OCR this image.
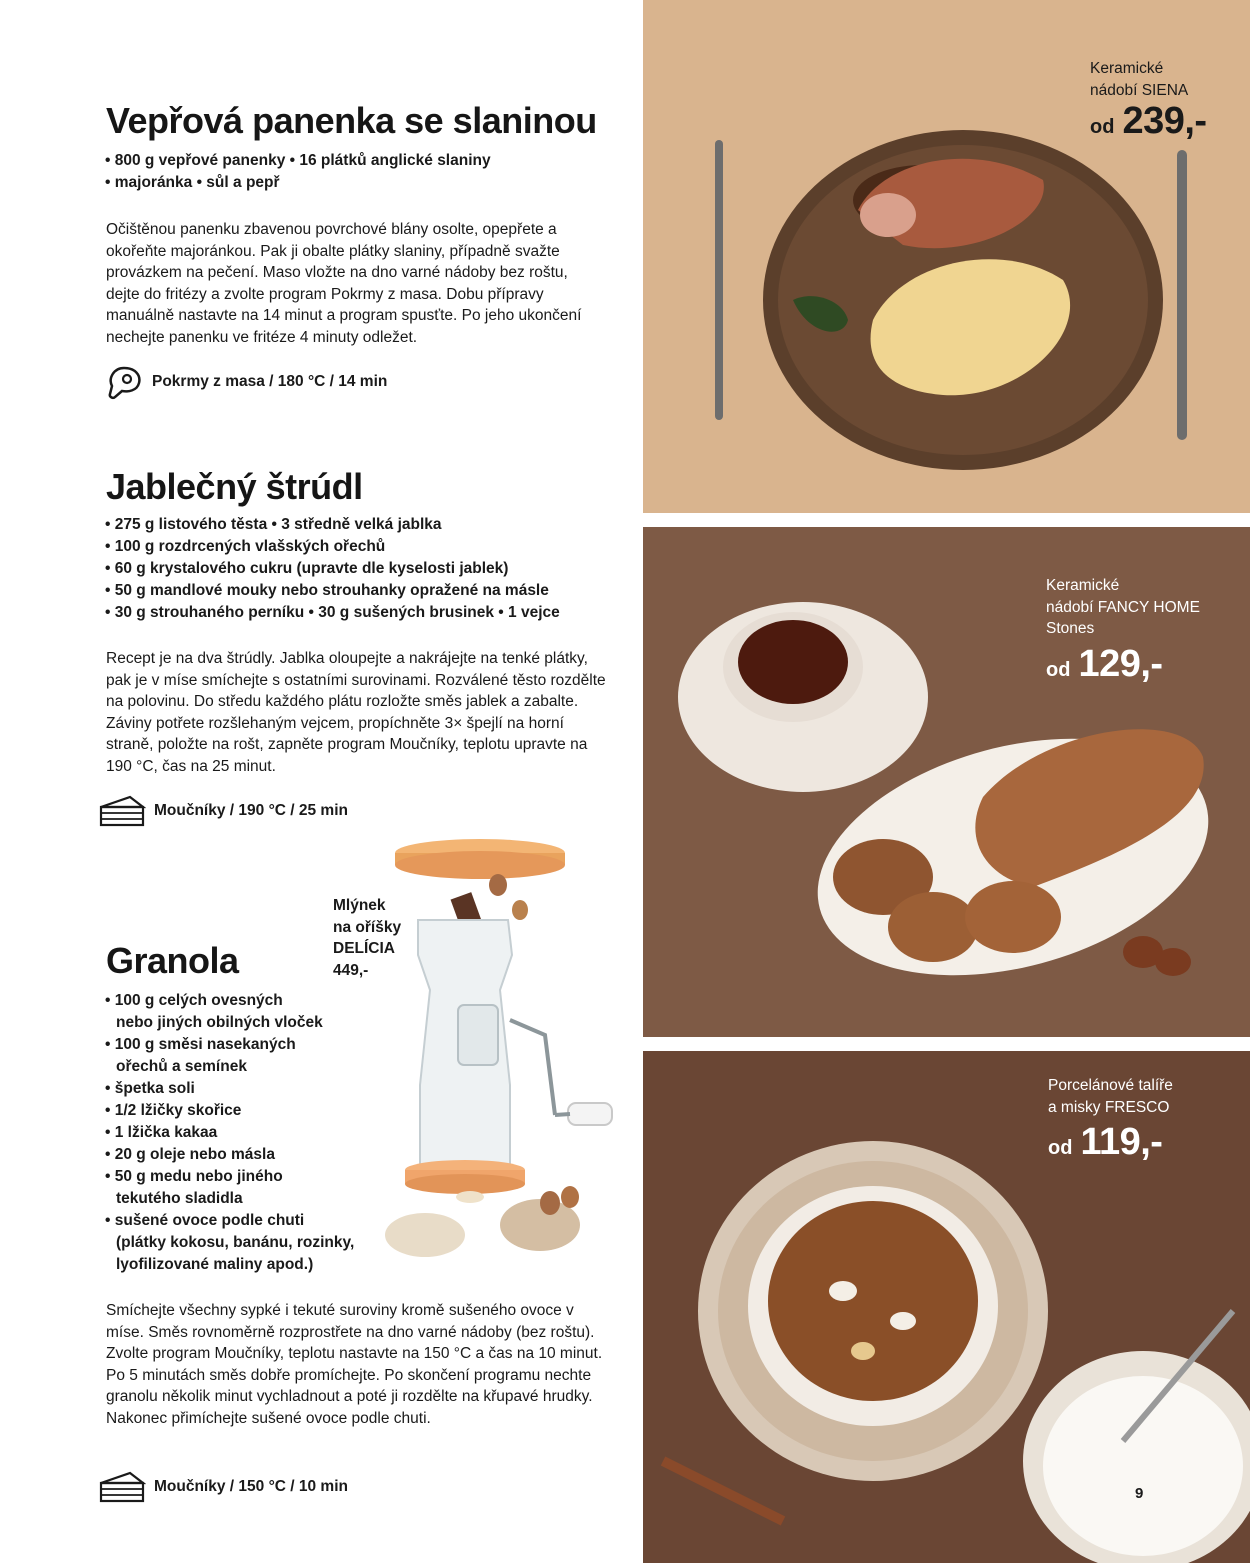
Vepřová panenka se slaninou
• 800 g vepřové panenky • 16 plátků anglické slaniny
• majoránka • sůl a pepř

Očištěnou panenku zbavenou povrchové blány osolte, opepřete a okořeňte majoránkou. Pak ji obalte plátky slaniny, případně svažte provázkem na pečení. Maso vložte na dno varné nádoby bez roštu, dejte do fritézy a zvolte program Pokrmy z masa. Dobu přípravy manuálně nastavte na 14 minut a program spusťte. Po jeho ukončení nechejte panenku ve fritéze 4 minuty odležet.

Pokrmy z masa / 180 °C / 14 min
Jablečný štrúdl
• 275 g listového těsta • 3 středně velká jablka
• 100 g rozdrcených vlašských ořechů
• 60 g krystalového cukru (upravte dle kyselosti jablek)
• 50 g mandlové mouky nebo strouhanky opražené na másle
• 30 g strouhaného perníku • 30 g sušených brusinek • 1 vejce

Recept je na dva štrúdly. Jablka oloupejte a nakrájejte na tenké plátky, pak je v míse smíchejte s ostatními surovinami. Rozválené těsto rozdělte na polovinu. Do středu každého plátu rozložte směs jablek a zabalte. Záviny potřete rozšlehaným vejcem, propíchněte 3× špejlí na horní straně, položte na rošt, zapněte program Moučníky, teplotu upravte na 190 °C, čas na 25 minut.

Moučníky / 190 °C / 25 min
Mlýnek
na oříšky
DELÍCIA
449,-
Granola
• 100 g celých ovesných
nebo jiných obilných vloček
• 100 g směsi nasekaných
ořechů a semínek
• špetka soli
• 1/2 lžičky skořice
• 1 lžička kakaa
• 20 g oleje nebo másla
• 50 g medu nebo jiného
tekutého sladidla
• sušené ovoce podle chuti
(plátky kokosu, banánu, rozinky,
lyofilizované maliny apod.)

Smíchejte všechny sypké i tekuté suroviny kromě sušeného ovoce v míse. Směs rovnoměrně rozprostřete na dno varné nádoby (bez roštu). Zvolte program Moučníky, teplotu nastavte na 150 °C a čas na 10 minut. Po 5 minutách směs dobře promíchejte. Po skončení programu nechte granolu několik minut vychladnout a poté ji rozdělte na křupavé hrudky. Nakonec přimíchejte sušené ovoce podle chuti.

Moučníky / 150 °C / 10 min
Keramické
nádobí SIENA
od 239,-
Keramické
nádobí FANCY HOME
Stones
od 129,-
Porcelánové talíře
a misky FRESCO
od 119,-
9
